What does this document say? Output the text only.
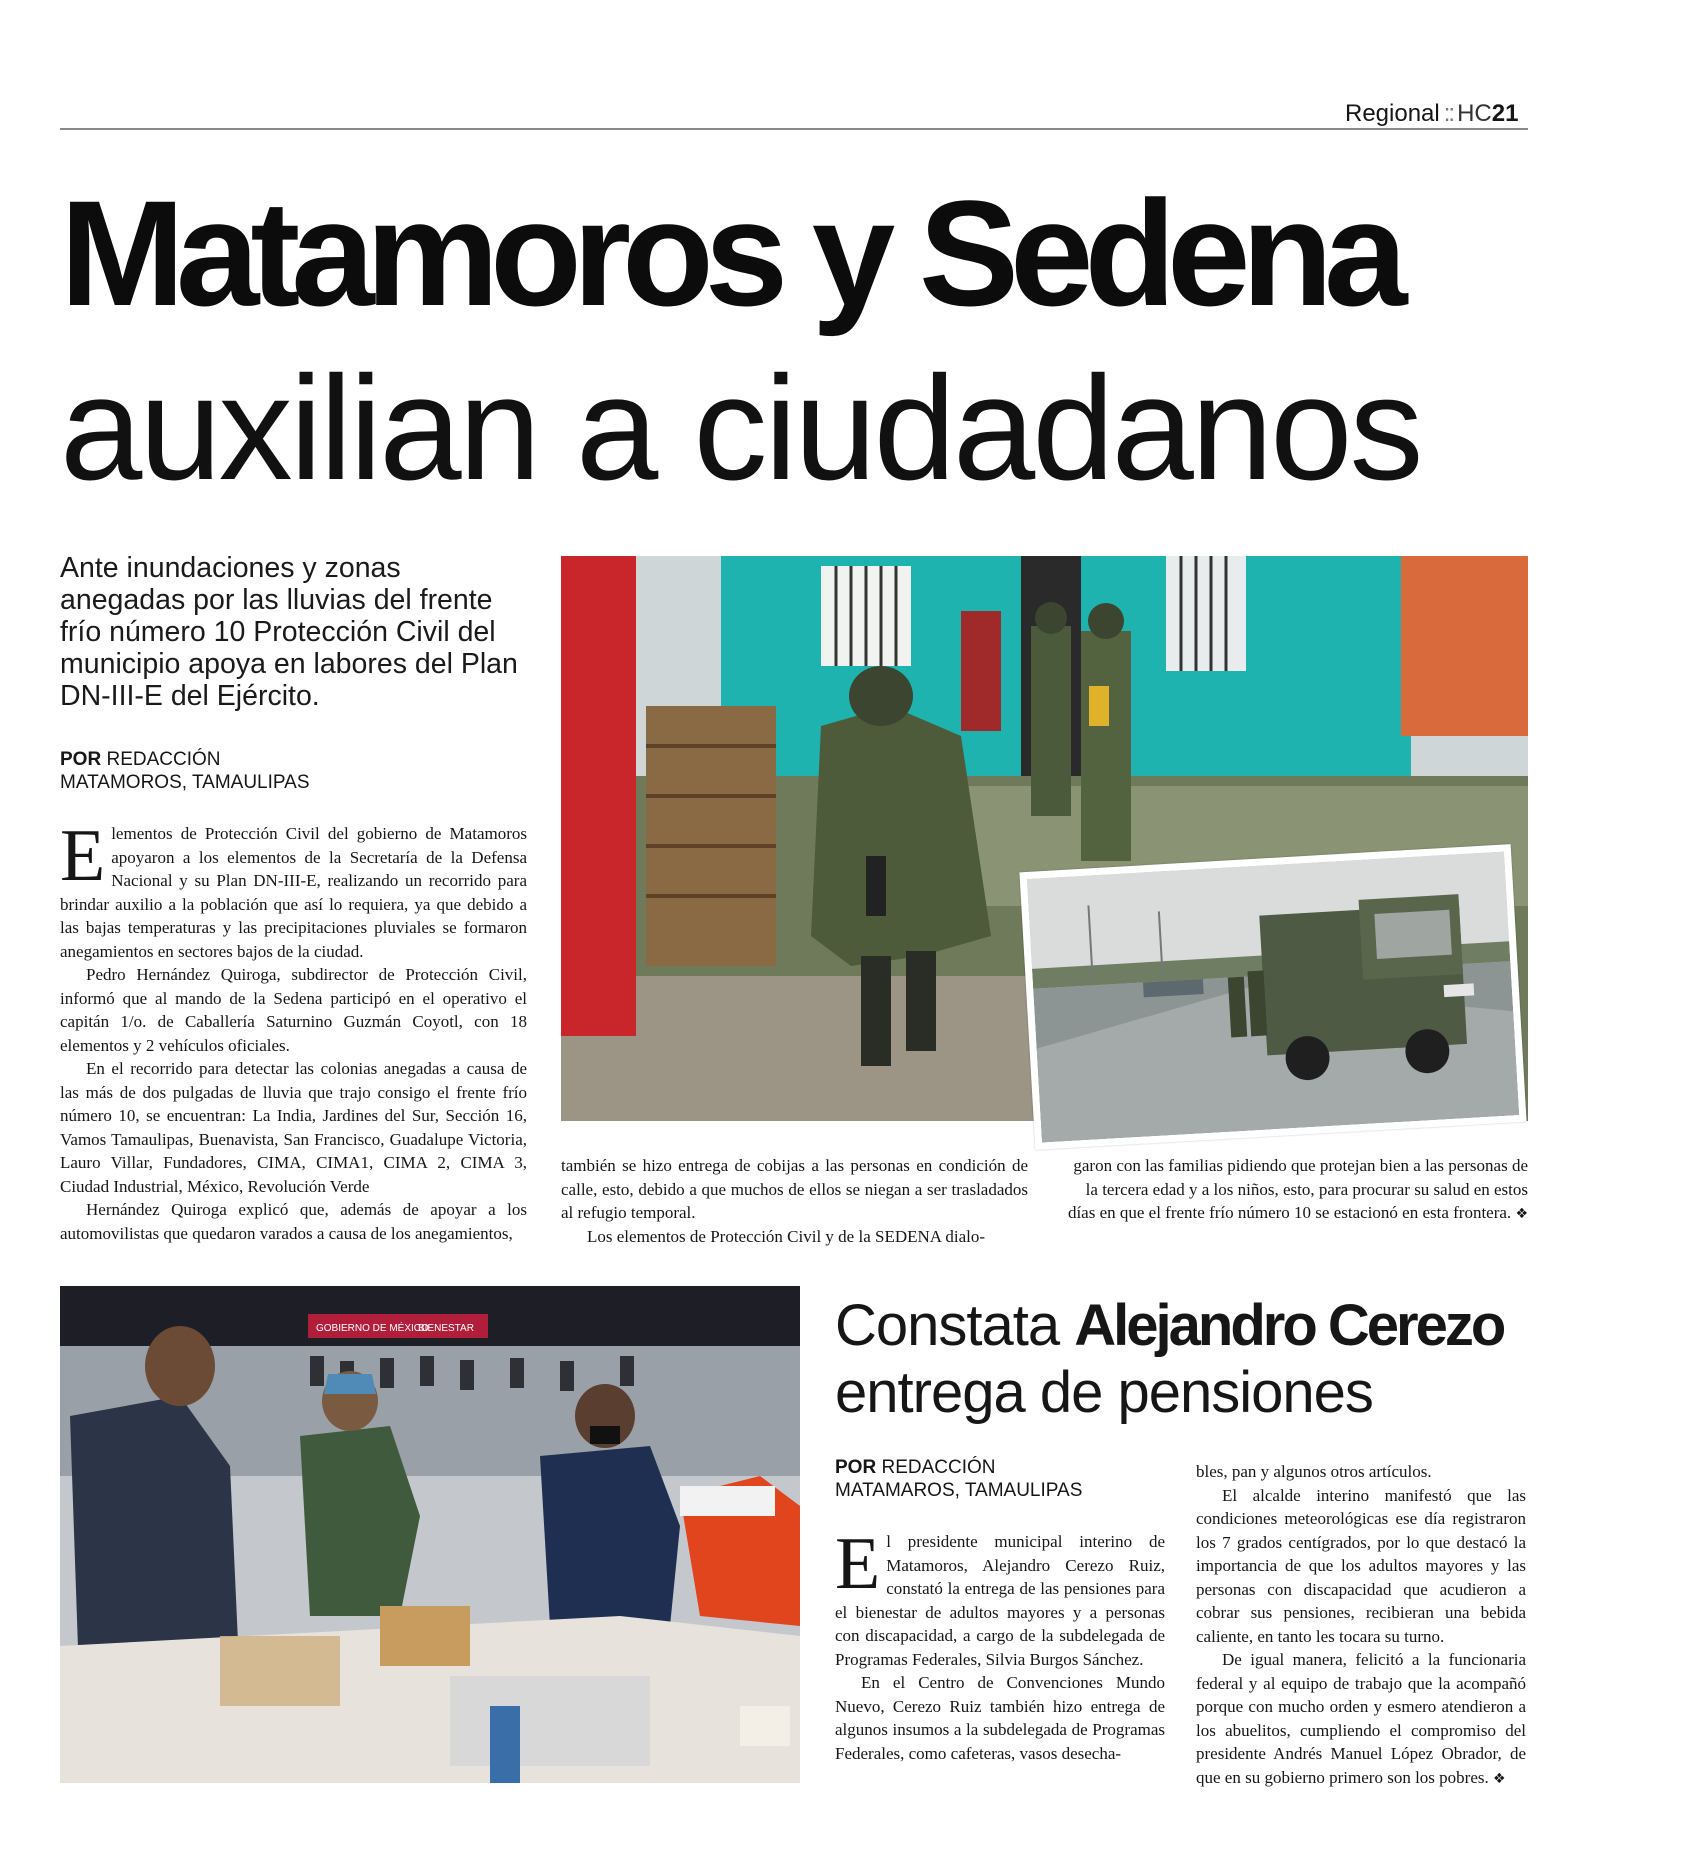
Regional :: HC21
Matamoros y Sedena
auxilian a ciudadanos
Ante inundaciones y zonas anegadas por las lluvias del frente frío número 10 Protección Civil del municipio apoya en labores del Plan DN-III-E del Ejército.
POR REDACCIÓN
MATAMOROS, TAMAULIPAS

Elementos de Protección Civil del gobierno de Matamoros apoyaron a los elementos de la Secretaría de la Defensa Nacional y su Plan DN-III-E, realizando un recorrido para brindar auxilio a la población que así lo requiera, ya que debido a las bajas temperaturas y las precipitaciones pluviales se formaron anegamientos en sectores bajos de la ciudad.

Pedro Hernández Quiroga, subdirector de Protección Civil, informó que al mando de la Sedena participó en el operativo el capitán 1/o. de Caballería Saturnino Guzmán Coyotl, con 18 elementos y 2 vehículos oficiales.

En el recorrido para detectar las colonias anegadas a causa de las más de dos pulgadas de lluvia que trajo consigo el frente frío número 10, se encuentran: La India, Jardines del Sur, Sección 16, Vamos Tamaulipas, Buenavista, San Francisco, Guadalupe Victoria, Lauro Villar, Fundadores, CIMA, CIMA1, CIMA 2, CIMA 3, Ciudad Industrial, México, Revolución Verde

Hernández Quiroga explicó que, además de apoyar a los automovilistas que quedaron varados a causa de los anegamientos,

también se hizo entrega de cobijas a las personas en condición de calle, esto, debido a que muchos de ellos se niegan a ser trasladados al refugio temporal.

Los elementos de Protección Civil y de la SEDENA dialo-

garon con las familias pidiendo que protejan bien a las personas de la tercera edad y a los niños, esto, para procurar su salud en estos días en que el frente frío número 10 se estacionó en esta frontera. ❖

GOBIERNO DE MÉXICO
BIENESTAR	Constata Alejandro Cerezo
entrega de pensiones
POR REDACCIÓN
MATAMAROS, TAMAULIPAS

El presidente municipal interino de Matamoros, Alejandro Cerezo Ruiz, constató la entrega de las pensiones para el bienestar de adultos mayores y a personas con discapacidad, a cargo de la subdelegada de Programas Federales, Silvia Burgos Sánchez.

En el Centro de Convenciones Mundo Nuevo, Cerezo Ruiz también hizo entrega de algunos insumos a la subdelegada de Programas Federales, como cafeteras, vasos desecha-

bles, pan y algunos otros artículos.

El alcalde interino manifestó que las condiciones meteorológicas ese día registraron los 7 grados centígrados, por lo que destacó la importancia de que los adultos mayores y las personas con discapacidad que acudieron a cobrar sus pensiones, recibieran una bebida caliente, en tanto les tocara su turno.

De igual manera, felicitó a la funcionaria federal y al equipo de trabajo que la acompañó porque con mucho orden y esmero atendieron a los abuelitos, cumpliendo el compromiso del presidente Andrés Manuel López Obrador, de que en su gobierno primero son los pobres. ❖
